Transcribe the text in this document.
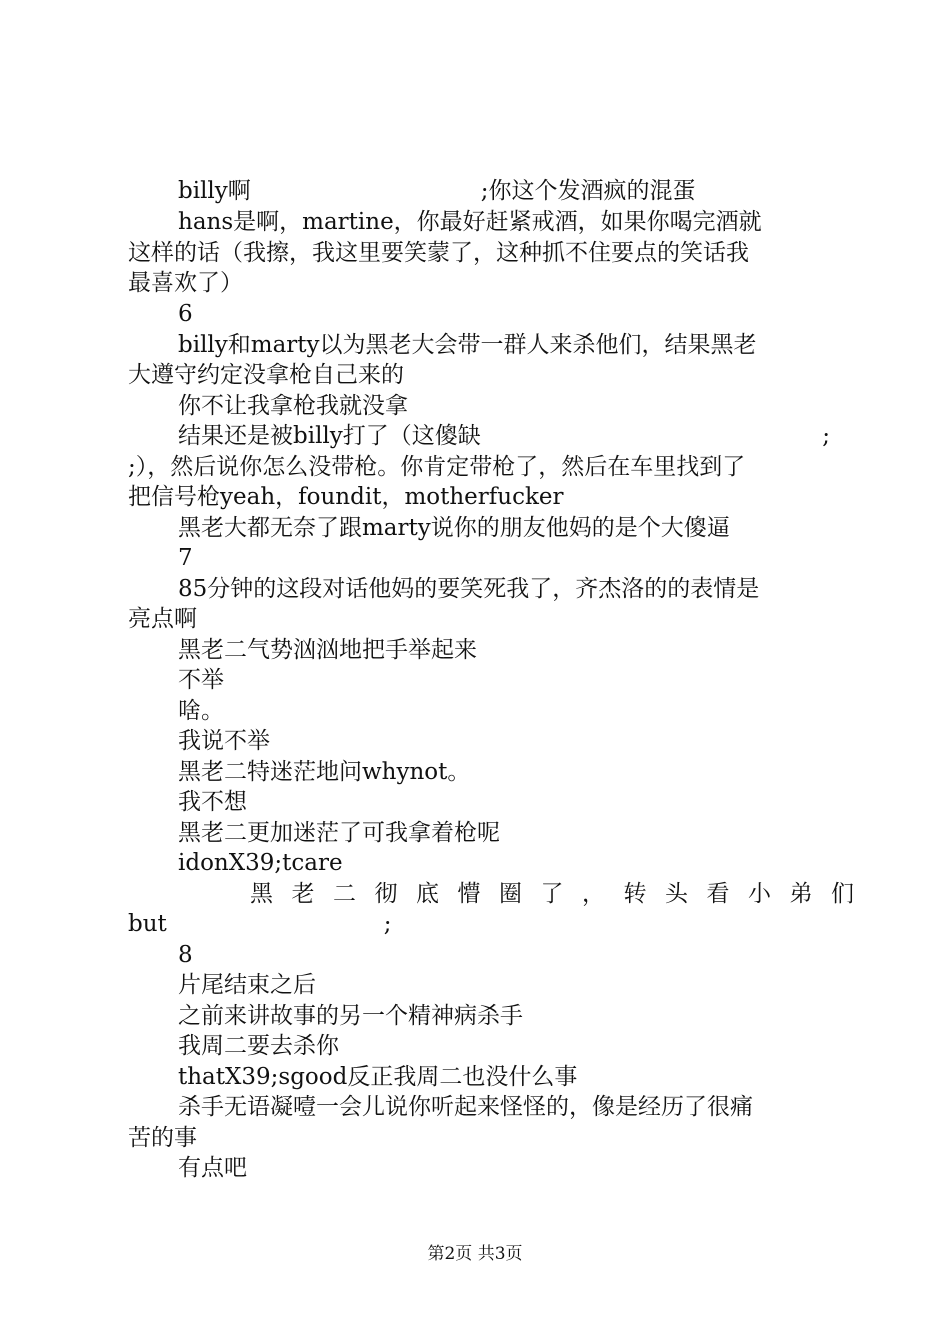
billy啊	;你这个发酒疯的混蛋
hans是啊，martine，你最好赶紧戒酒，如果你喝完酒就
这样的话（我擦，我这里要笑蒙了，这种抓不住要点的笑话我
最喜欢了）
6
billy和marty以为黑老大会带一群人来杀他们，结果黑老
大遵守约定没拿枪自己来的
你不让我拿枪我就没拿
结果还是被billy打了（这傻缺	;
;），然后说你怎么没带枪。你肯定带枪了，然后在车里找到了
把信号枪yeah，foundit，motherfucker
黑老大都无奈了跟marty说你的朋友他妈的是个大傻逼
7
85分钟的这段对话他妈的要笑死我了，齐杰洛的的表情是
亮点啊
黑老二气势汹汹地把手举起来
不举
啥。
我说不举
黑老二特迷茫地问whynot。
我不想
黑老二更加迷茫了可我拿着枪呢
idonX39;tcare
黑老二彻底懵圈了，转头看小弟们
but	;
8
片尾结束之后
之前来讲故事的另一个精神病杀手
我周二要去杀你
thatX39;sgood反正我周二也没什么事
杀手无语凝噎一会儿说你听起来怪怪的，像是经历了很痛
苦的事
有点吧
第2页 共3页
